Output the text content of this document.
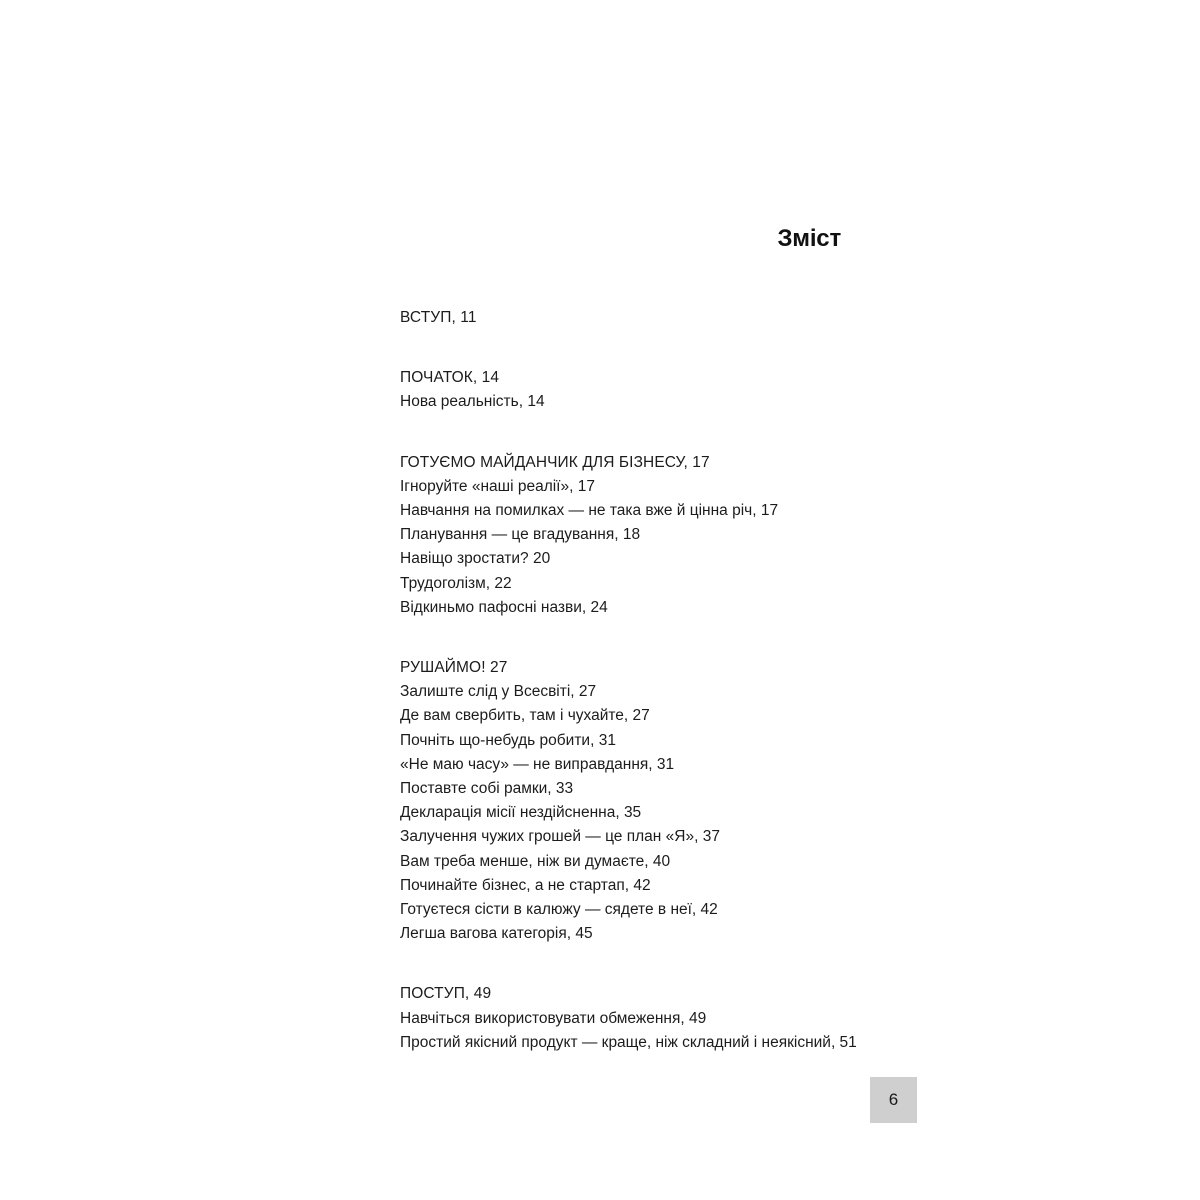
Зміст
ВСТУП, 11
ПОЧАТОК, 14
Нова реальність, 14
ГОТУЄМО МАЙДАНЧИК ДЛЯ БІЗНЕСУ, 17
Ігноруйте «наші реалії», 17
Навчання на помилках — не така вже й цінна річ, 17
Планування — це вгадування, 18
Навіщо зростати? 20
Трудоголізм, 22
Відкиньмо пафосні назви, 24
РУШАЙМО! 27
Залиште слід у Всесвіті, 27
Де вам свербить, там і чухайте, 27
Почніть що-небудь робити, 31
«Не маю часу» — не виправдання, 31
Поставте собі рамки, 33
Декларація місії нездійсненна, 35
Залучення чужих грошей — це план «Я», 37
Вам треба менше, ніж ви думаєте, 40
Починайте бізнес, а не стартап, 42
Готуєтеся сісти в калюжу — сядете в неї, 42
Легша вагова категорія, 45
ПОСТУП, 49
Навчіться використовувати обмеження, 49
Простий якісний продукт — краще, ніж складний і неякісний, 51
6
